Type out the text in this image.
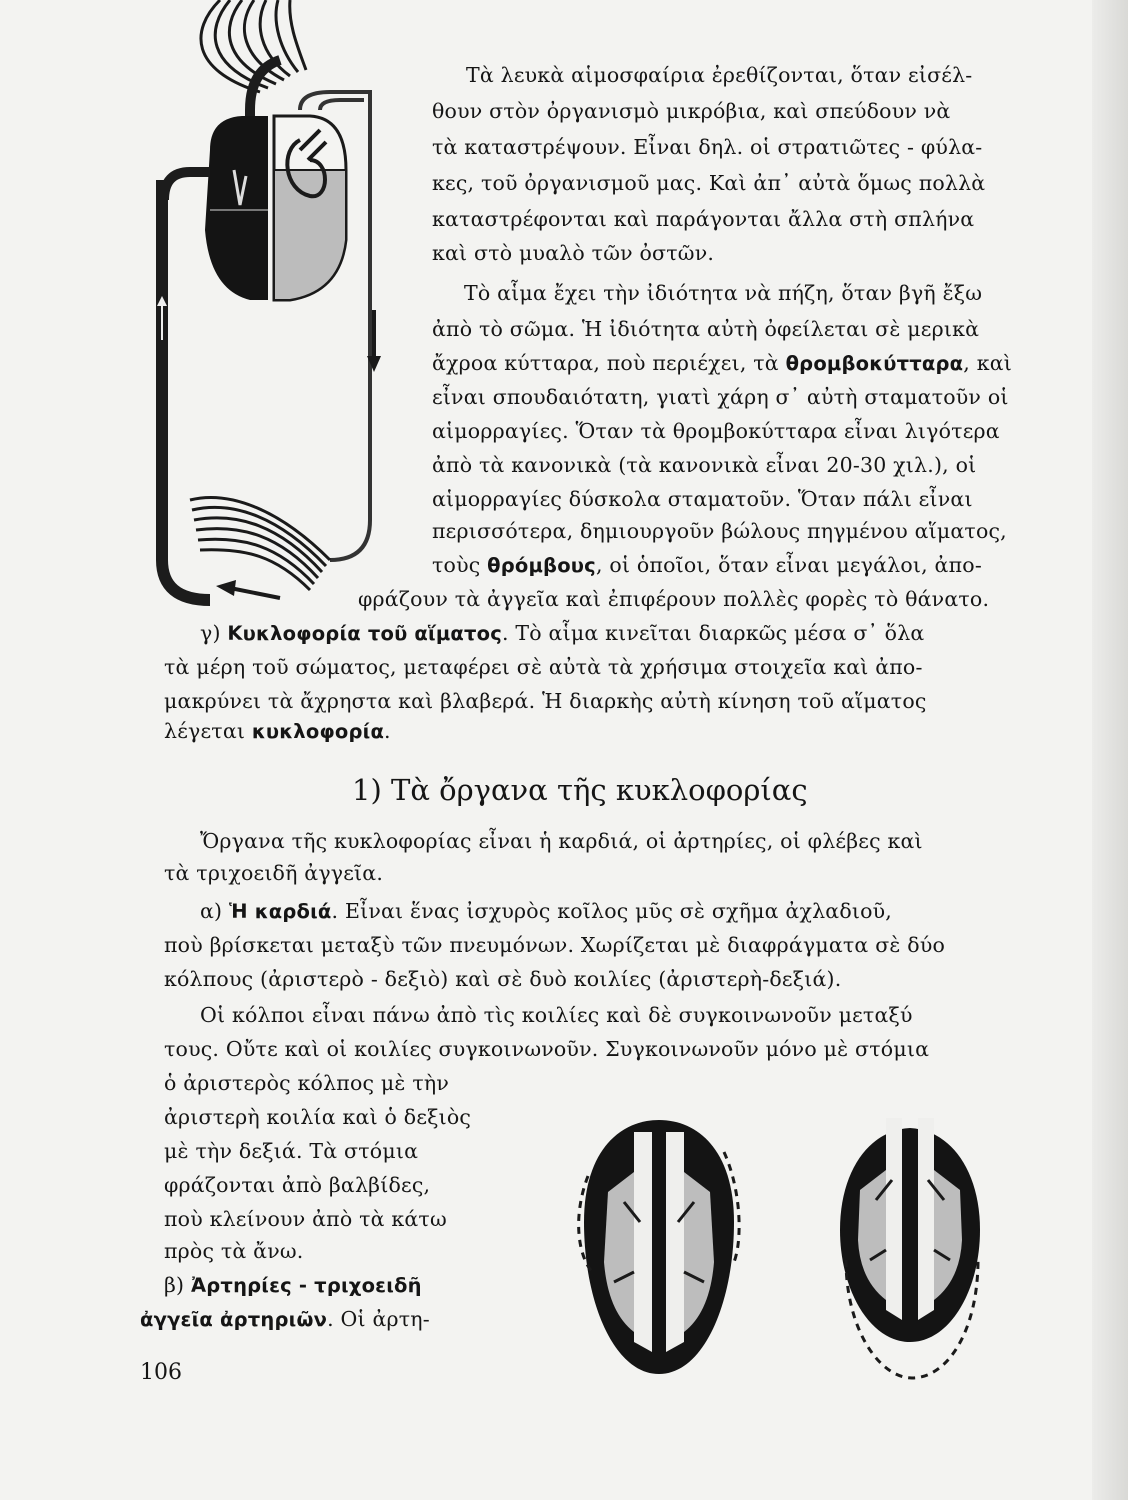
Τὰ λευκὰ αἱμοσφαίρια ἐρεθίζονται, ὅταν εἰσέλ-
θουν στὸν ὀργανισμὸ μικρόβια, καὶ σπεύδουν νὰ
τὰ καταστρέψουν. Εἶναι δηλ. οἱ στρατιῶτες - φύλα-
κες, τοῦ ὀργανισμοῦ μας. Καὶ ἀπ᾿ αὐτὰ ὅμως πολλὰ
καταστρέφονται καὶ παράγονται ἄλλα στὴ σπλήνα
καὶ στὸ μυαλὸ τῶν ὀστῶν.
Τὸ αἷμα ἔχει τὴν ἰδιότητα νὰ πήζη, ὅταν βγῆ ἔξω
ἀπὸ τὸ σῶμα. Ἡ ἰδιότητα αὐτὴ ὀφείλεται σὲ μερικὰ
ἄχροα κύτταρα, ποὺ περιέχει, τὰ θρομβοκύτταρα, καὶ
εἶναι σπουδαιότατη, γιατὶ χάρη σ᾿ αὐτὴ σταματοῦν οἱ
αἱμορραγίες. Ὅταν τὰ θρομβοκύτταρα εἶναι λιγότερα
ἀπὸ τὰ κανονικὰ (τὰ κανονικὰ εἶναι 20-30 χιλ.), οἱ
αἱμορραγίες δύσκολα σταματοῦν. Ὅταν πάλι εἶναι
περισσότερα, δημιουργοῦν βώλους πηγμένου αἵματος,
τοὺς θρόμβους, οἱ ὁποῖοι, ὅταν εἶναι μεγάλοι, ἀπο-
φράζουν τὰ ἀγγεῖα καὶ ἐπιφέρουν πολλὲς φορὲς τὸ θάνατο.
γ) Κυκλοφορία τοῦ αἵματος. Τὸ αἷμα κινεῖται διαρκῶς μέσα σ᾿ ὅλα
τὰ μέρη τοῦ σώματος, μεταφέρει σὲ αὐτὰ τὰ χρήσιμα στοιχεῖα καὶ ἀπο-
μακρύνει τὰ ἄχρηστα καὶ βλαβερά. Ἡ διαρκὴς αὐτὴ κίνηση τοῦ αἵματος
λέγεται κυκλοφορία.
1) Τὰ ὄργανα τῆς κυκλοφορίας
Ὄργανα τῆς κυκλοφορίας εἶναι ἡ καρδιά, οἱ ἀρτηρίες, οἱ φλέβες καὶ
τὰ τριχοειδῆ ἀγγεῖα.
α) Ἡ καρδιά. Εἶναι ἕνας ἰσχυρὸς κοῖλος μῦς σὲ σχῆμα ἀχλαδιοῦ,
ποὺ βρίσκεται μεταξὺ τῶν πνευμόνων. Χωρίζεται μὲ διαφράγματα σὲ δύο
κόλπους (ἀριστερὸ - δεξιὸ) καὶ σὲ δυὸ κοιλίες (ἀριστερὴ-δεξιά).
Οἱ κόλποι εἶναι πάνω ἀπὸ τὶς κοιλίες καὶ δὲ συγκοινωνοῦν μεταξύ
τους. Οὔτε καὶ οἱ κοιλίες συγκοινωνοῦν. Συγκοινωνοῦν μόνο μὲ στόμια
ὁ ἀριστερὸς κόλπος μὲ τὴν
ἀριστερὴ κοιλία καὶ ὁ δεξιὸς
μὲ τὴν δεξιά. Τὰ στόμια
φράζονται ἀπὸ βαλβίδες,
ποὺ κλείνουν ἀπὸ τὰ κάτω
πρὸς τὰ ἄνω.
β) Ἀρτηρίες - τριχοειδῆ
ἀγγεῖα ἀρτηριῶν. Οἱ ἀρτη-
106
